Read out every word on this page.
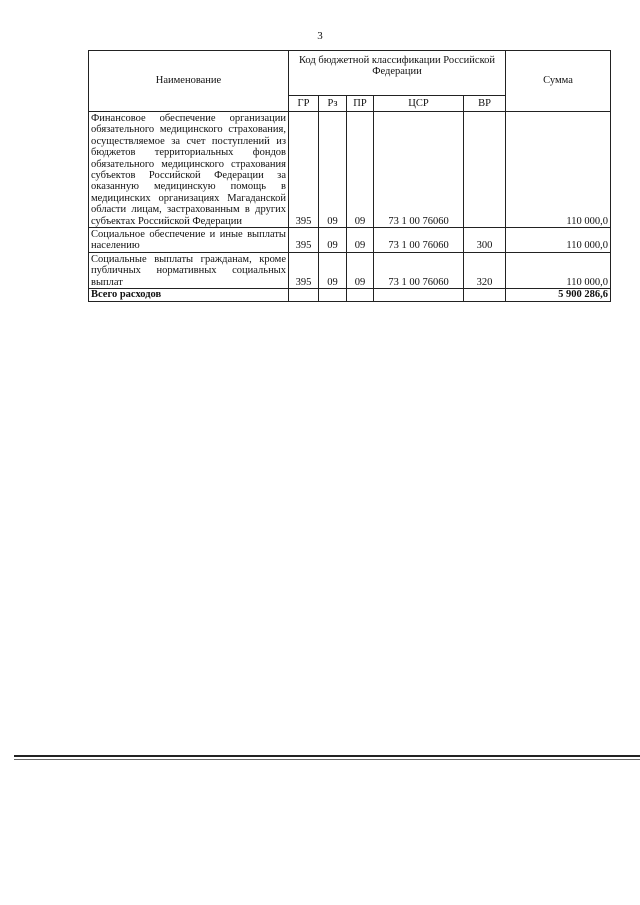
3
Наименование	Код бюджетной классификации Российской Федерации					Сумма
	ГР	Рз	ПР	ЦСР	ВР	
Финансовое обеспечение организации обязательного медицинского страхования, осуществляемое за счет поступлений из бюджетов территориальных фондов обязательного медицинского страхования субъектов Российской Федерации за оказанную медицинскую помощь в медицинских организациях Магаданской области лицам, застрахованным в других субъектах Российской Федерации	395	09	09	73 1 00 76060		110 000,0
Социальное обеспечение и иные выплаты населению	395	09	09	73 1 00 76060	300	110 000,0
Социальные выплаты гражданам, кроме публичных нормативных социальных выплат	395	09	09	73 1 00 76060	320	110 000,0
Всего расходов						5 900 286,6
